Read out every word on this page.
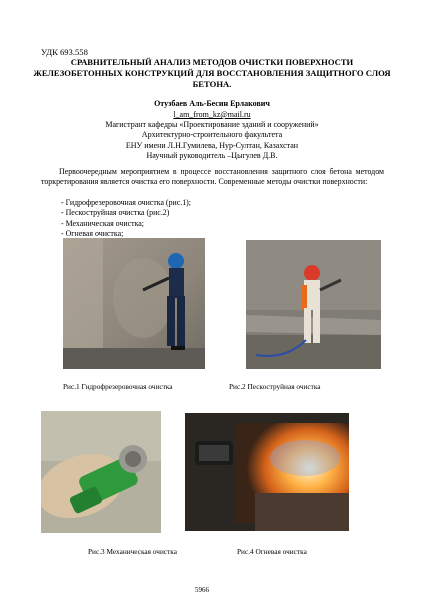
УДК 693.558
СРАВНИТЕЛЬНЫЙ АНАЛИЗ МЕТОДОВ ОЧИСТКИ ПОВЕРХНОСТИ ЖЕЛЕЗОБЕТОННЫХ КОНСТРУКЦИЙ ДЛЯ ВОССТАНОВЛЕНИЯ ЗАЩИТНОГО СЛОЯ БЕТОНА.
Отузбаев Аль-Бесин Ерлакович
l_am_from_kz@mail.ru
Магистрант кафедры «Проектирование зданий и сооружений»
Архитектурно-строительного факультета
ЕНУ имени Л.Н.Гумилева, Нур-Султан, Казахстан
Научный руководитель –Цыгулев Д.В.
Первоочередным мероприятием в процессе восстановления защитного слоя бетона методом торкретирования является очистка его поверхности. Современные методы очистки поверхности:
- Гидрофрезеровочная очистка (рис.1);
- Пескоструйная очистка (рис.2)
- Механическая очистка;
- Огневая очистка;
Рис.1 Гидрофрезеровочная очистка	Рис.2 Пескоструйная очистка
Рис.3 Механическая очистка	Рис.4 Огневая очистка
5966
